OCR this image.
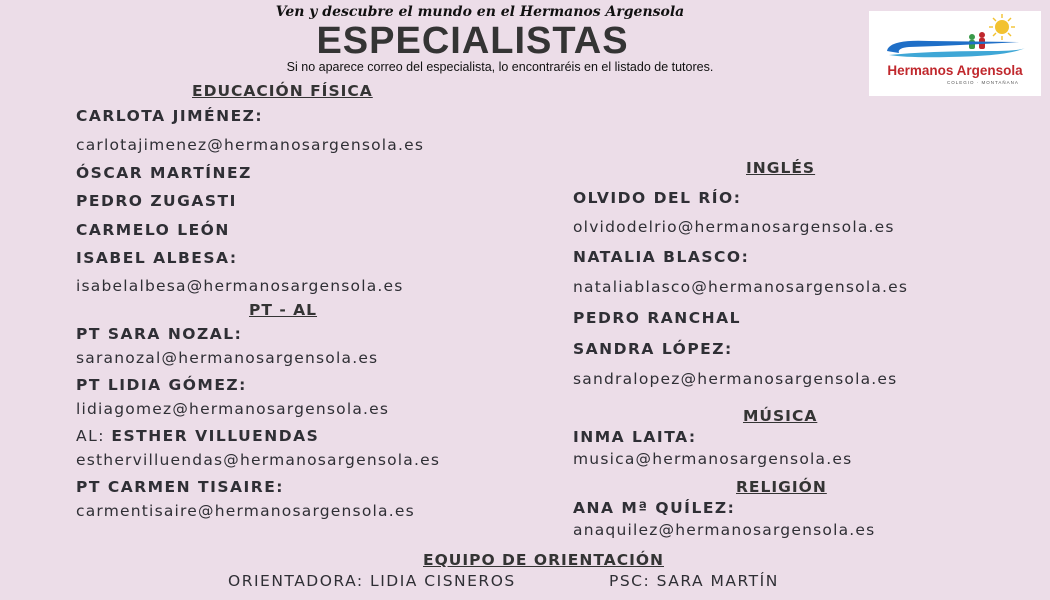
Ven y descubre el mundo en el Hermanos Argensola
ESPECIALISTAS
Si no aparece correo del especialista, lo encontraréis en el listado de tutores.	Hermanos Argensola
COLEGIO · MONTAÑANA
EDUCACIÓN FÍSICA
CARLOTA JIMÉNEZ:
carlotajimenez@hermanosargensola.es
ÓSCAR MARTÍNEZ
PEDRO ZUGASTI
CARMELO LEÓN
ISABEL ALBESA:
isabelalbesa@hermanosargensola.es
PT - AL
PT SARA NOZAL:
saranozal@hermanosargensola.es
PT LIDIA GÓMEZ:
lidiagomez@hermanosargensola.es
AL: ESTHER VILLUENDAS
esthervilluendas@hermanosargensola.es
PT CARMEN TISAIRE:
carmentisaire@hermanosargensola.es
INGLÉS
OLVIDO DEL RÍO:
olvidodelrio@hermanosargensola.es
NATALIA BLASCO:
nataliablasco@hermanosargensola.es
PEDRO RANCHAL
SANDRA LÓPEZ:
sandralopez@hermanosargensola.es
MÚSICA
INMA LAITA:
musica@hermanosargensola.es
RELIGIÓN
ANA Mª QUÍLEZ:
anaquilez@hermanosargensola.es
EQUIPO DE ORIENTACIÓN
ORIENTADORA: LIDIA CISNEROS	PSC: SARA MARTÍN
